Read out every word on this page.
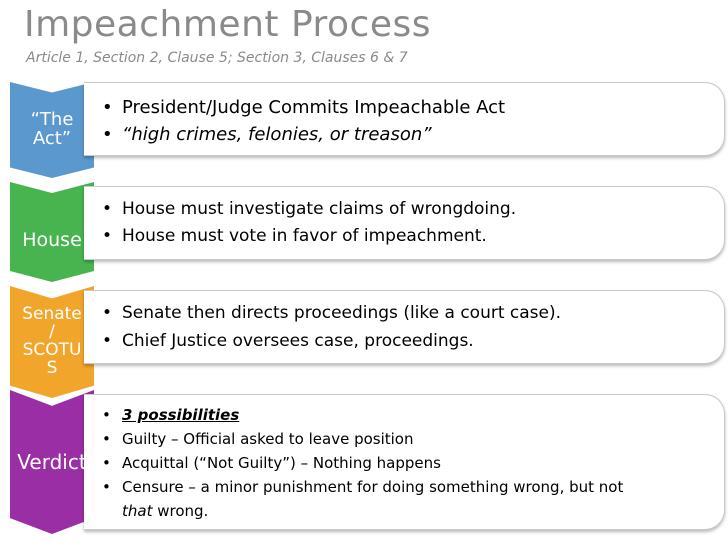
Impeachment Process
Article 1, Section 2, Clause 5; Section 3, Clauses 6 & 7
• President/Judge Commits Impeachable Act
• “high crimes, felonies, or treason”
“The
Act”
• House must investigate claims of wrongdoing.
• House must vote in favor of impeachment.
House
• Senate then directs proceedings (like a court case).
• Chief Justice oversees case, proceedings.
Senate
/
SCOTU
S
• 3 possibilities
• Guilty – Official asked to leave position
• Acquittal (“Not Guilty”) – Nothing happens
• Censure – a minor punishment for doing something wrong, but not
that wrong.
Verdict
